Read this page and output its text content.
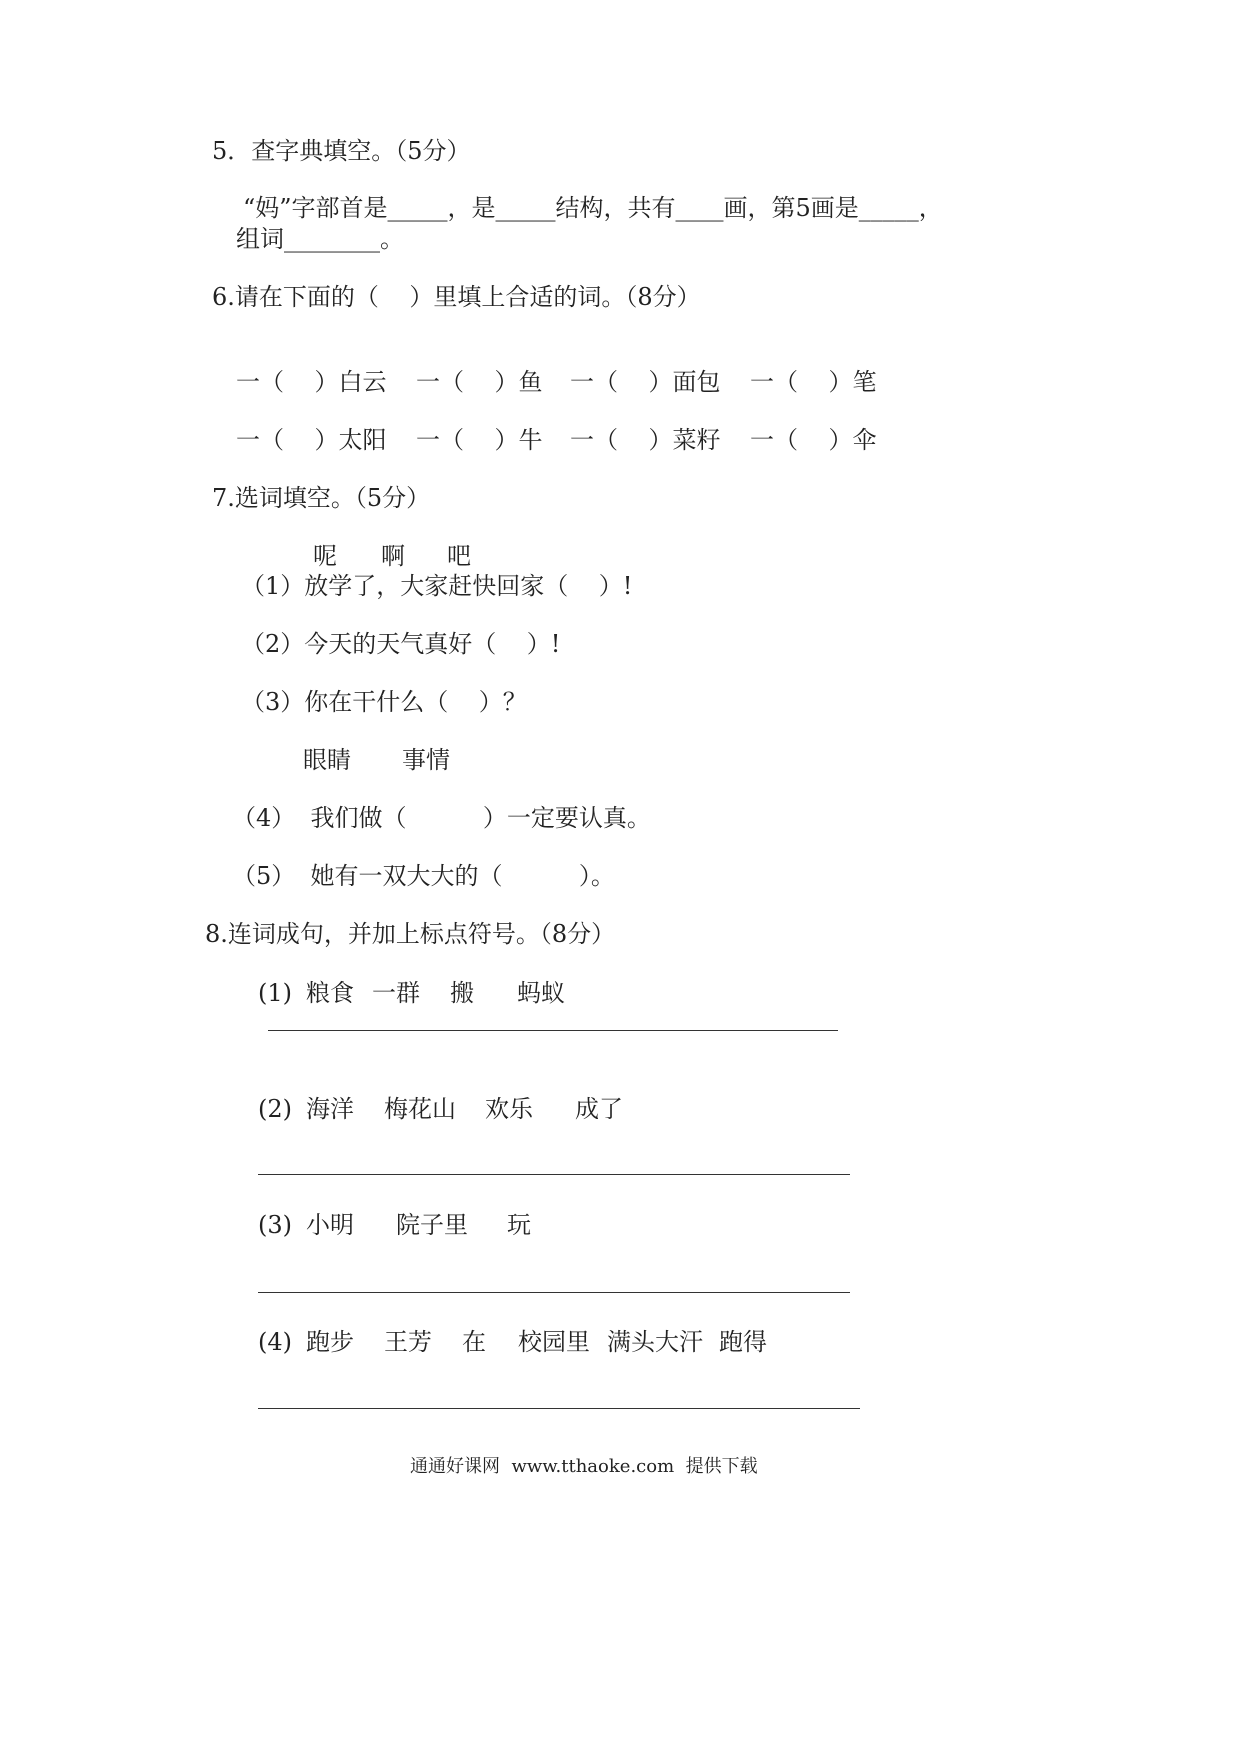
5．查字典填空。（5分）
“妈”字部首是_____，是_____结构，共有____画，第5画是_____，
组词________。
6.请在下面的（    ）里填上合适的词。（8分）
一（    ）白云 一（    ）鱼 一（    ）面包 一（    ）笔
一（    ）太阳 一（    ）牛 一（    ）菜籽 一（    ）伞
7.选词填空。（5分）
呢 啊 吧
（1）放学了，大家赶快回家（    ）!
（2）今天的天气真好（    ）!
（3）你在干什么（    ）？
眼睛 事情
（4）  我们做（          ）一定要认真。
（5）  她有一双大大的（          ）。
8.连词成句，并加上标点符号。（8分）
(1) 粮食 一群 搬 蚂蚁
(2) 海洋 梅花山 欢乐 成了
(3) 小明 院子里 玩
(4) 跑步 王芳 在 校园里 满头大汗 跑得
通通好课网  www.tthaoke.com  提供下载
